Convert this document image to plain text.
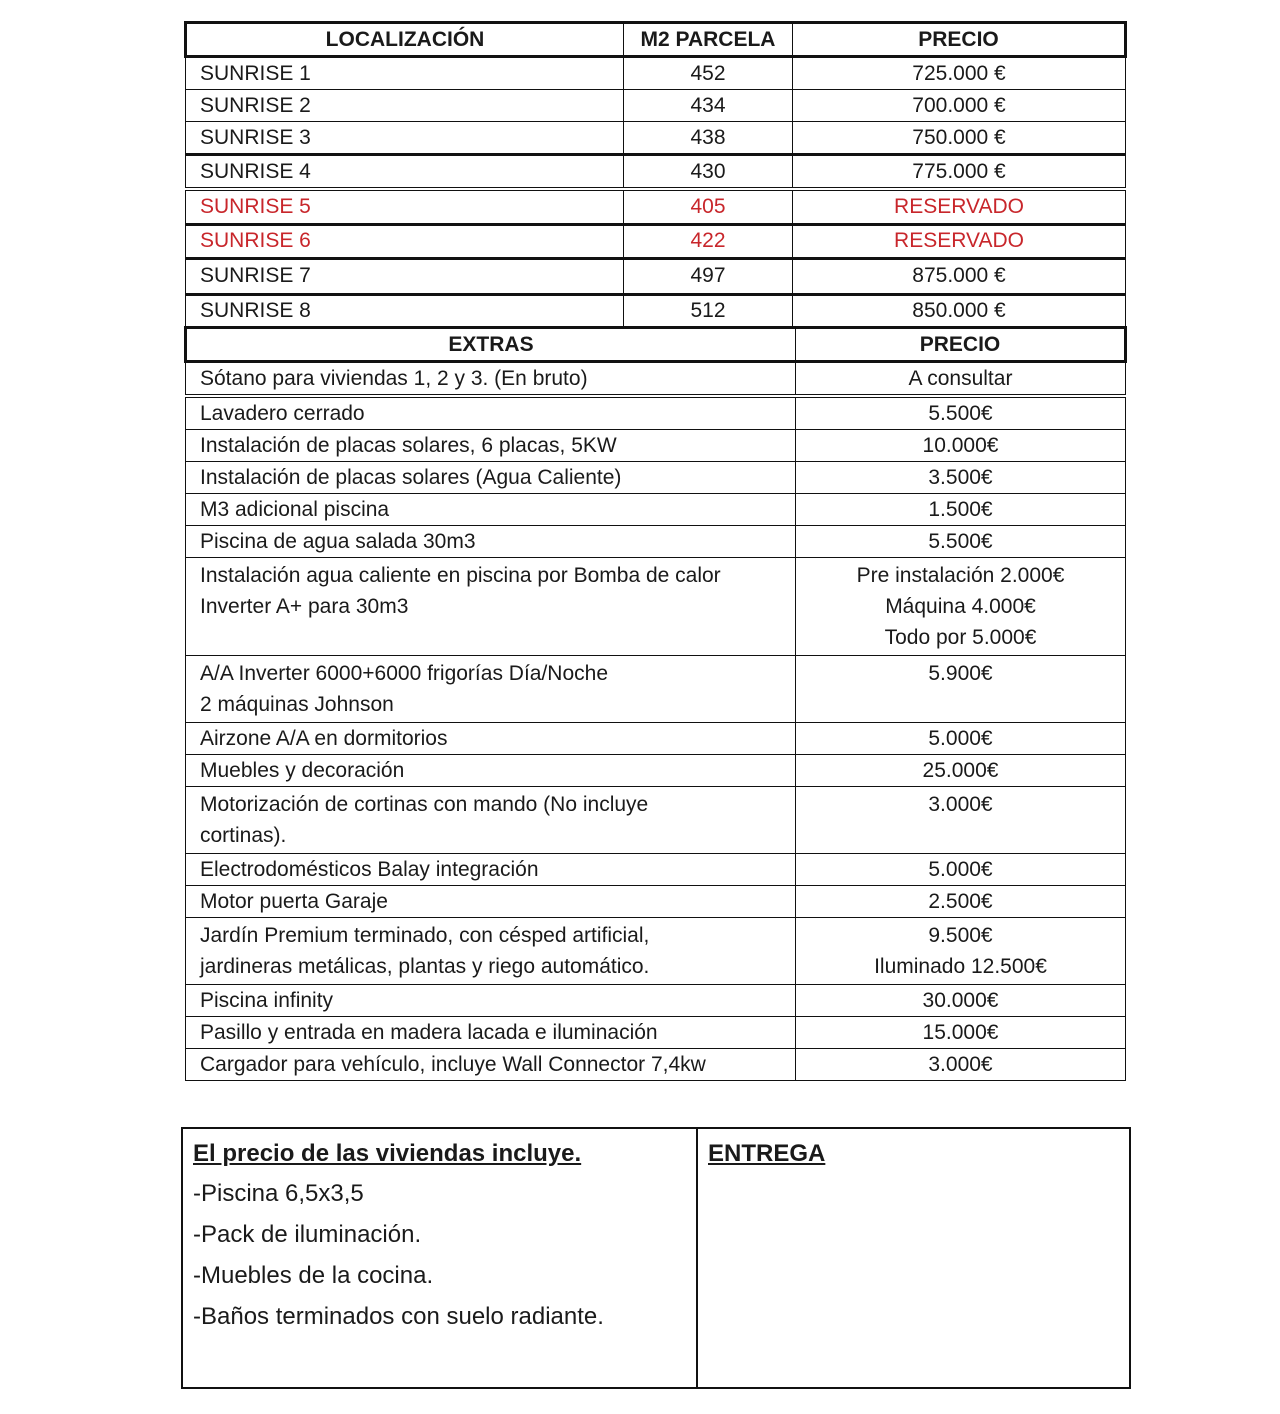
LOCALIZACIÓN	M2 PARCELA	PRECIO
SUNRISE 1	452	725.000 €
SUNRISE 2	434	700.000 €
SUNRISE 3	438	750.000 €
SUNRISE 4	430	775.000 €
SUNRISE 5	405	RESERVADO
SUNRISE 6	422	RESERVADO
SUNRISE 7	497	875.000 €
SUNRISE 8	512	850.000 €
EXTRAS	PRECIO

Sótano para viviendas 1, 2 y 3. (En bruto)	A consultar

Lavadero cerrado	5.500€

Instalación de placas solares, 6 placas, 5KW	10.000€

Instalación de placas solares (Agua Caliente)	3.500€

M3 adicional piscina	1.500€

Piscina de agua salada 30m3	5.500€

Instalación agua caliente en piscina por Bomba de calor
Inverter A+ para 30m3	Pre instalación 2.000€
Máquina 4.000€
Todo por 5.000€

A/A Inverter 6000+6000 frigorías Día/Noche
2 máquinas Johnson	5.900€

Airzone A/A en dormitorios	5.000€

Muebles y decoración	25.000€

Motorización de cortinas con mando (No incluye
cortinas).	3.000€

Electrodomésticos Balay integración	5.000€

Motor puerta Garaje	2.500€

Jardín Premium terminado, con césped artificial,
jardineras metálicas, plantas y riego automático.	9.500€
Iluminado 12.500€

Piscina infinity	30.000€

Pasillo y entrada en madera lacada e iluminación	15.000€

Cargador para vehículo, incluye Wall Connector 7,4kw	3.000€
El precio de las viviendas incluye.
-Piscina 6,5x3,5
-Pack de iluminación.
-Muebles de la cocina.
-Baños terminados con suelo radiante.
ENTREGA
